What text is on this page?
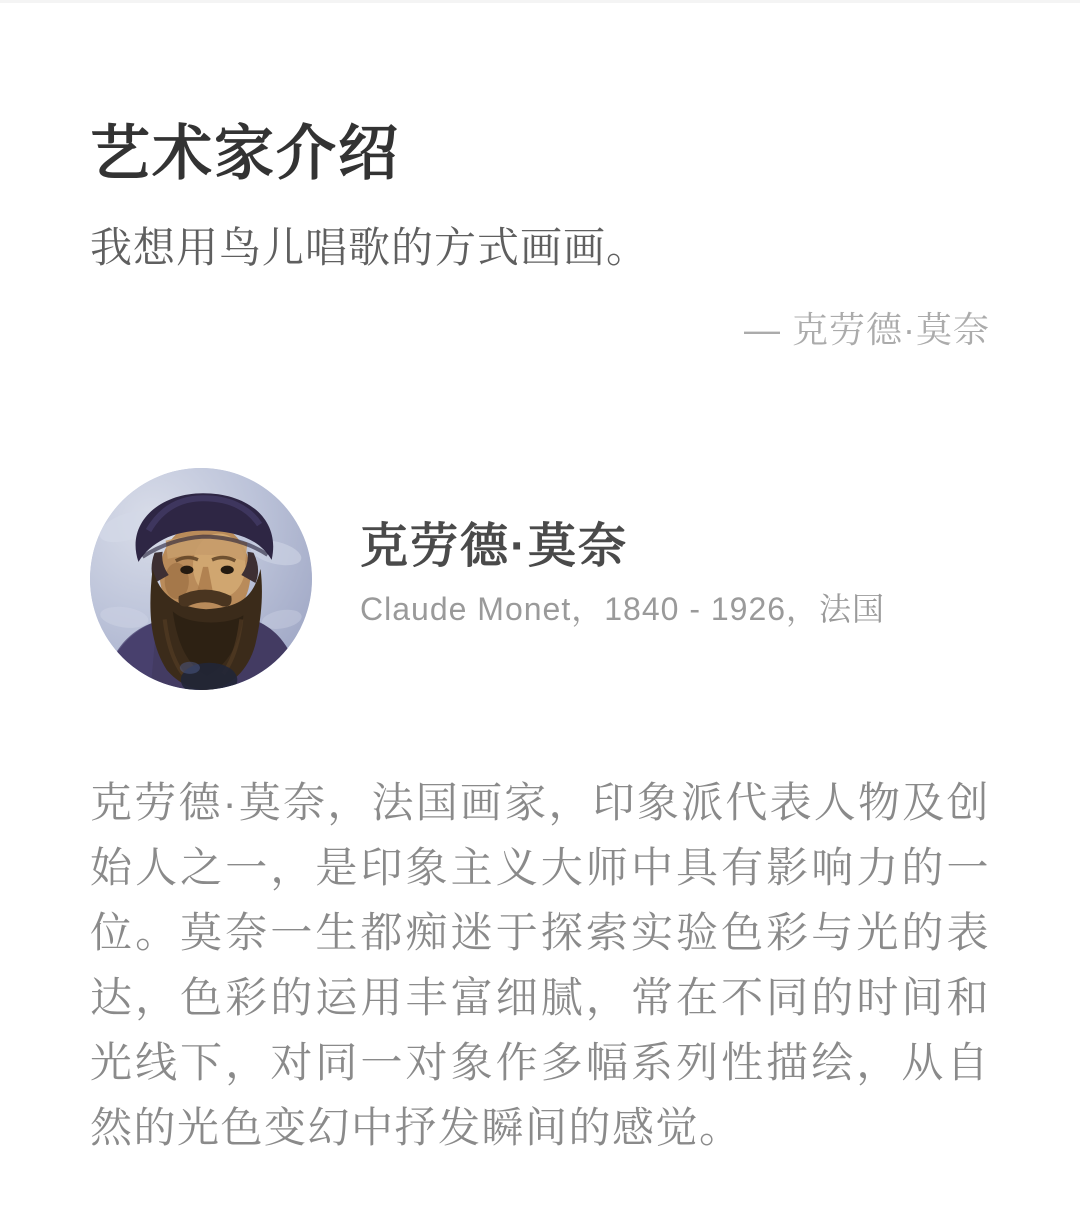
艺术家介绍
我想用鸟儿唱歌的方式画画。
— 克劳德·莫奈
克劳德·莫奈
Claude Monet，1840 - 1926，法国
克劳德·莫奈，法国画家，印象派代表人物及创始人之一，是印象主义大师中具有影响力的一位。莫奈一生都痴迷于探索实验色彩与光的表达，色彩的运用丰富细腻，常在不同的时间和光线下，对同一对象作多幅系列性描绘，从自然的光色变幻中抒发瞬间的感觉。
